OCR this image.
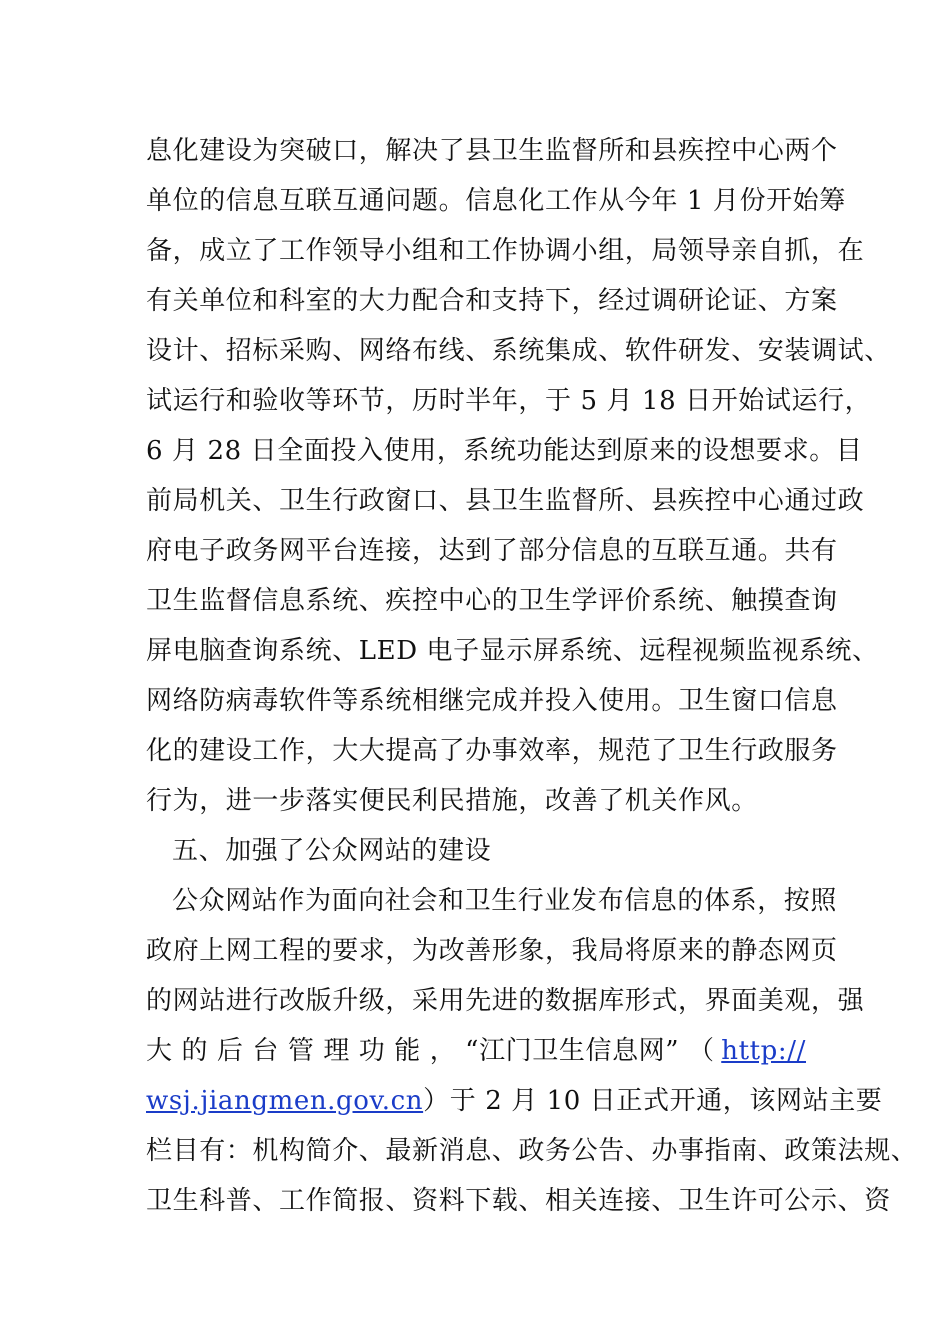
息化建设为突破口，解决了县卫生监督所和县疾控中心两个
单位的信息互联互通问题。信息化工作从今年 1 月份开始筹
备，成立了工作领导小组和工作协调小组，局领导亲自抓，在
有关单位和科室的大力配合和支持下，经过调研论证、方案
设计、招标采购、网络布线、系统集成、软件研发、安装调试、
试运行和验收等环节，历时半年，于 5 月 18 日开始试运行，
6 月 28 日全面投入使用，系统功能达到原来的设想要求。目
前局机关、卫生行政窗口、县卫生监督所、县疾控中心通过政
府电子政务网平台连接，达到了部分信息的互联互通。共有
卫生监督信息系统、疾控中心的卫生学评价系统、触摸查询
屏电脑查询系统、LED 电子显示屏系统、远程视频监视系统、
网络防病毒软件等系统相继完成并投入使用。卫生窗口信息
化的建设工作，大大提高了办事效率，规范了卫生行政服务
行为，进一步落实便民利民措施，改善了机关作风。
五、加强了公众网站的建设
公众网站作为面向社会和卫生行业发布信息的体系，按照
政府上网工程的要求，为改善形象，我局将原来的静态网页
的网站进行改版升级，采用先进的数据库形式，界面美观，强
大 的 后 台 管 理 功 能 ， “江门卫生信息网” （ http://
wsj.jiangmen.gov.cn）于 2 月 10 日正式开通，该网站主要
栏目有：机构简介、最新消息、政务公告、办事指南、政策法规、
卫生科普、工作简报、资料下载、相关连接、卫生许可公示、资
